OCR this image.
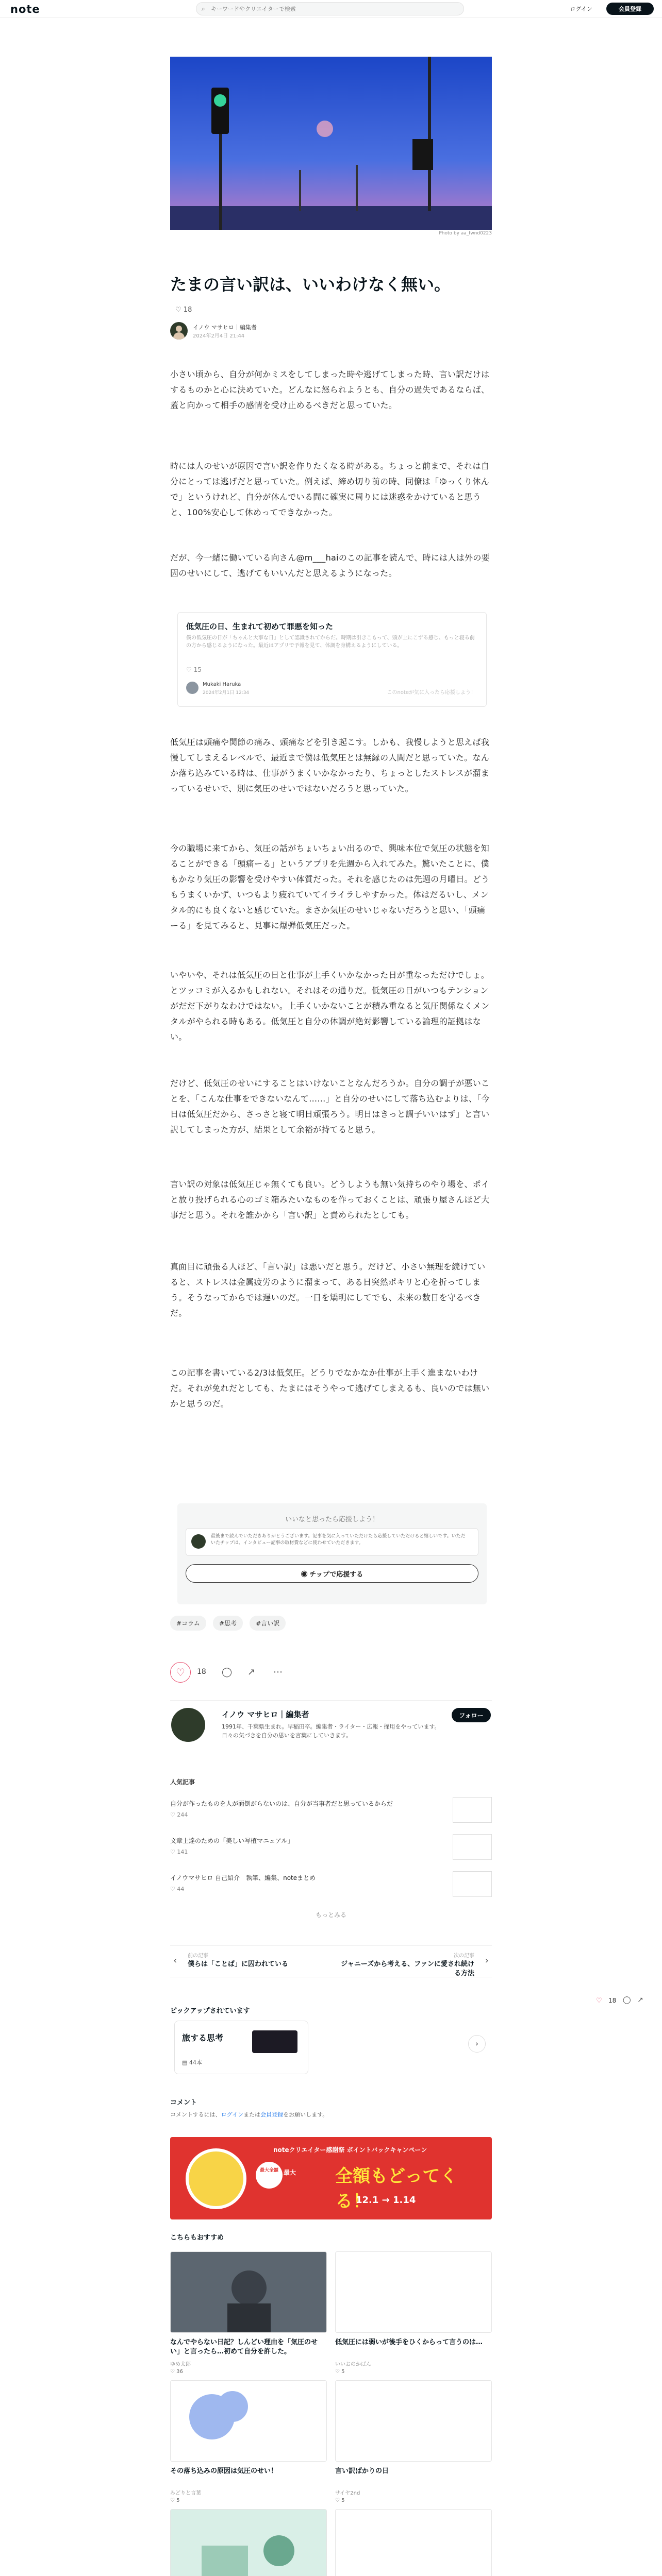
note	⌕
キーワードやクリエイターで検索	ログイン	会員登録
Photo by aa_fwnd0223
たまの言い訳は、いいわけなく無い。
♡ 18
イノウ マサヒロ｜編集者
2024年2月4日 21:44
小さい頃から、自分が何かミスをしてしまった時や逃げてしまった時、言い訳だけはするものかと心に決めていた。どんなに怒られようとも、自分の過失であるならば、蓋と向かって相手の感情を受け止めるべきだと思っていた。
時には人のせいが原因で言い訳を作りたくなる時がある。ちょっと前まで、それは自分にとっては逃げだと思っていた。例えば、締め切り前の時、同僚は「ゆっくり休んで」というけれど、自分が休んでいる間に確実に周りには迷惑をかけていると思うと、100%安心して休めってできなかった。
だが、今一緒に働いている向さん@m___haiのこの記事を読んで、時には人は外の要因のせいにして、逃げてもいいんだと思えるようになった。
低気圧の日、生まれて初めて罪悪を知った
僕の低気圧の日が「ちゃんと大事な日」として認識されてからだ。時期は引きこもって、頭が上にこずる感じ、もっと寝る前の方から感じるようになった。最近はアプリで予報を見て、体調を身構えるようにしている。
♡ 15
Mukaki Haruka
2024年2月1日 12:34	このnoteが気に入ったら応援しよう！
低気圧は頭痛や関節の痛み、頭痛などを引き起こす。しかも、我慢しようと思えば我慢してしまえるレベルで、最近まで僕は低気圧とは無縁の人間だと思っていた。なんか落ち込みている時は、仕事がうまくいかなかったり、ちょっとしたストレスが溜まっているせいで、別に気圧のせいではないだろうと思っていた。
今の職場に来てから、気圧の話がちょいちょい出るので、興味本位で気圧の状態を知ることができる「頭痛ーる」というアプリを先週から入れてみた。驚いたことに、僕もかなり気圧の影響を受けやすい体質だった。それを感じたのは先週の月曜日。どうもうまくいかず、いつもより疲れていてイライラしやすかった。体はだるいし、メンタル的にも良くないと感じていた。まさか気圧のせいじゃないだろうと思い、「頭痛ーる」を見てみると、見事に爆弾低気圧だった。
いやいや、それは低気圧の日と仕事が上手くいかなかった日が重なっただけでしょ。とツッコミが入るかもしれない。それはその通りだ。低気圧の日がいつもテンションがだだ下がりなわけではない。上手くいかないことが積み重なると気圧関係なくメンタルがやられる時もある。低気圧と自分の体調が絶対影響している論理的証拠はない。
だけど、低気圧のせいにすることはいけないことなんだろうか。自分の調子が悪いことを、「こんな仕事をできないなんて……」と自分のせいにして落ち込むよりは、「今日は低気圧だから、さっさと寝て明日頑張ろう。明日はきっと調子いいはず」と言い訳してしまった方が、結果として余裕が持てると思う。
言い訳の対象は低気圧じゃ無くても良い。どうしようも無い気持ちのやり場を、ポイと放り投げられる心のゴミ箱みたいなものを作っておくことは、頑張り屋さんほど大事だと思う。それを誰かから「言い訳」と責められたとしても。
真面目に頑張る人ほど、「言い訳」は悪いだと思う。だけど、小さい無理を続けていると、ストレスは金属疲労のように溜まって、ある日突然ポキリと心を折ってしまう。そうなってからでは遅いのだ。一日を矯明にしてでも、未来の数日を守るべきだ。
この記事を書いている2/3は低気圧。どうりでなかなか仕事が上手く進まないわけだ。それが免れだとしても、たまにはそうやって逃げてしまえるも、良いのでは無いかと思うのだ。
いいなと思ったら応援しよう！
最後まで読んでいただきありがとうございます。記事を気に入っていただけたら応援していただけると嬉しいです。いただいたチップは、インタビュー記事の取材費などに使わせていただきます。
◉ チップで応援する
#コラム	#思考	#言い訳
♡	18 ◯ ↗ ⋯
イノウ マサヒロ｜編集者
1991年、千葉県生まれ。早稲田卒。編集者・ライター・広報・採用をやっています。日々の気づきを自分の思いを言葉にしていきます。
フォロー
人気記事
自分が作ったものを人が面倒がらないのは、自分が当事者だと思っているからだ
♡ 244
文章上達のための「美しい写植マニュアル」
♡ 141
イノウマサヒロ 自己紹介　執筆、編集、noteまとめ
♡ 44
もっとみる
‹ 前の記事
僕らは「ことば」に囚われている
次の記事
ジャニーズから考える、ファンに愛され続ける方法
›
ピックアップされています
旅する思考
▤ 44本
›
♡ 18 ◯ ↗
コメント
コメントするには、ログインまたは会員登録をお願いします。
最大全額
noteクリエイター感謝祭 ポイントバックキャンペーン
最大 全額もどってくる！
12.1 → 1.14
こちらもおすすめ
なんでやらない日記？しんどい理由を「気圧のせい」と言ったら…初めて自分を許した。
ゆめ太郎
♡ 36
低気圧には弱いが後手をひくからって言うのは…
いいおのかばん
♡ 5
その落ち込みの原因は気圧のせい！
みどりと言葉
♡ 5
言い訳ばかりの日
サイヤ2nd
♡ 5
